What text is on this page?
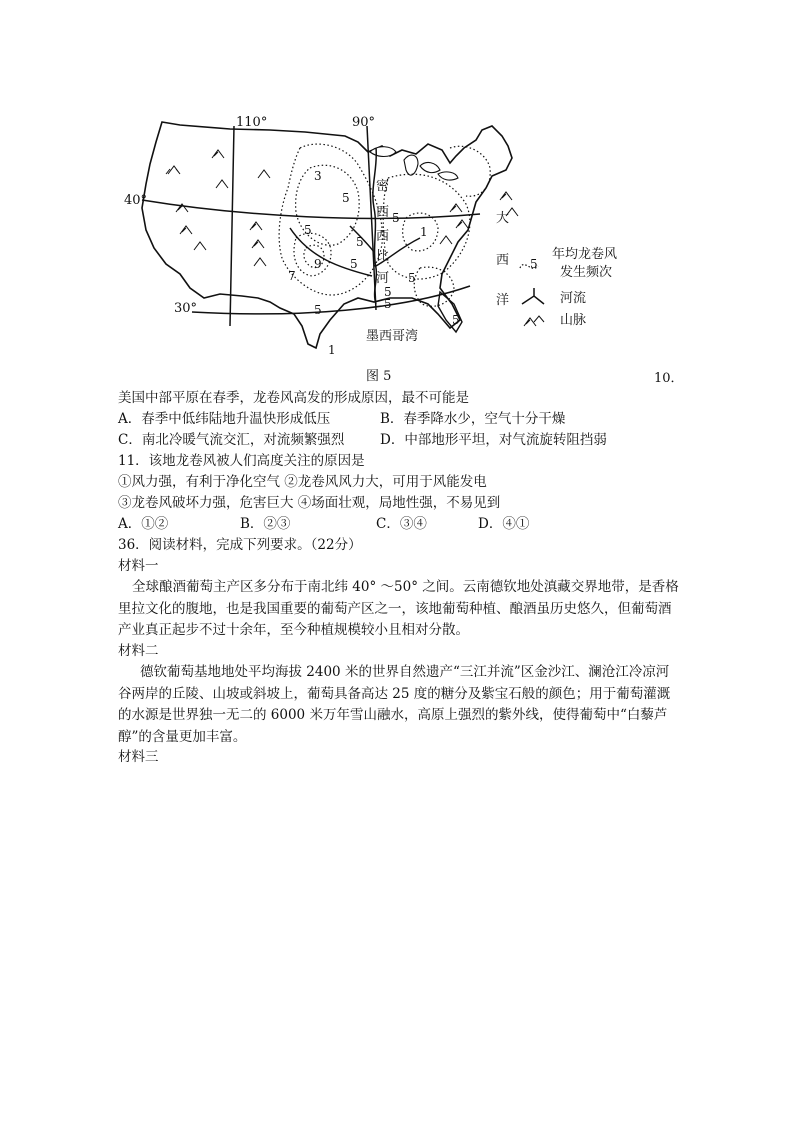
110°	90°
40°
30°
密
西
西
比
河
墨西哥湾
大
西
洋
3
5
5
5
5
5
7
9
5
1
5
5
5
1
5
5
年均龙卷风
发生频次
河流
山脉
图 5	10．
美国中部平原在春季，龙卷风高发的形成原因，最不可能是
A．春季中低纬陆地升温快形成低压	B．春季降水少，空气十分干燥
C．南北冷暖气流交汇，对流频繁强烈	D．中部地形平坦，对气流旋转阻挡弱
11．该地龙卷风被人们高度关注的原因是
①风力强，有利于净化空气 ②龙卷风风力大，可用于风能发电
③龙卷风破坏力强，危害巨大 ④场面壮观，局地性强，不易见到
A．①②	B．②③	C．③④	D．④①
36．阅读材料，完成下列要求。（22分）
材料一
全球酿酒葡萄主产区多分布于南北纬 40° ～50° 之间。云南德钦地处滇藏交界地带，是香格里拉文化的腹地，也是我国重要的葡萄产区之一，该地葡萄种植、酿酒虽历史悠久，但葡萄酒产业真正起步不过十余年，至今种植规模较小且相对分散。
材料二
德钦葡萄基地地处平均海拔 2400 米的世界自然遗产“三江并流”区金沙江、澜沧江冷凉河谷两岸的丘陵、山坡或斜坡上，葡萄具备高达 25 度的糖分及紫宝石般的颜色；用于葡萄灌溉的水源是世界独一无二的 6000 米万年雪山融水，高原上强烈的紫外线，使得葡萄中“白藜芦醇”的含量更加丰富。
材料三
